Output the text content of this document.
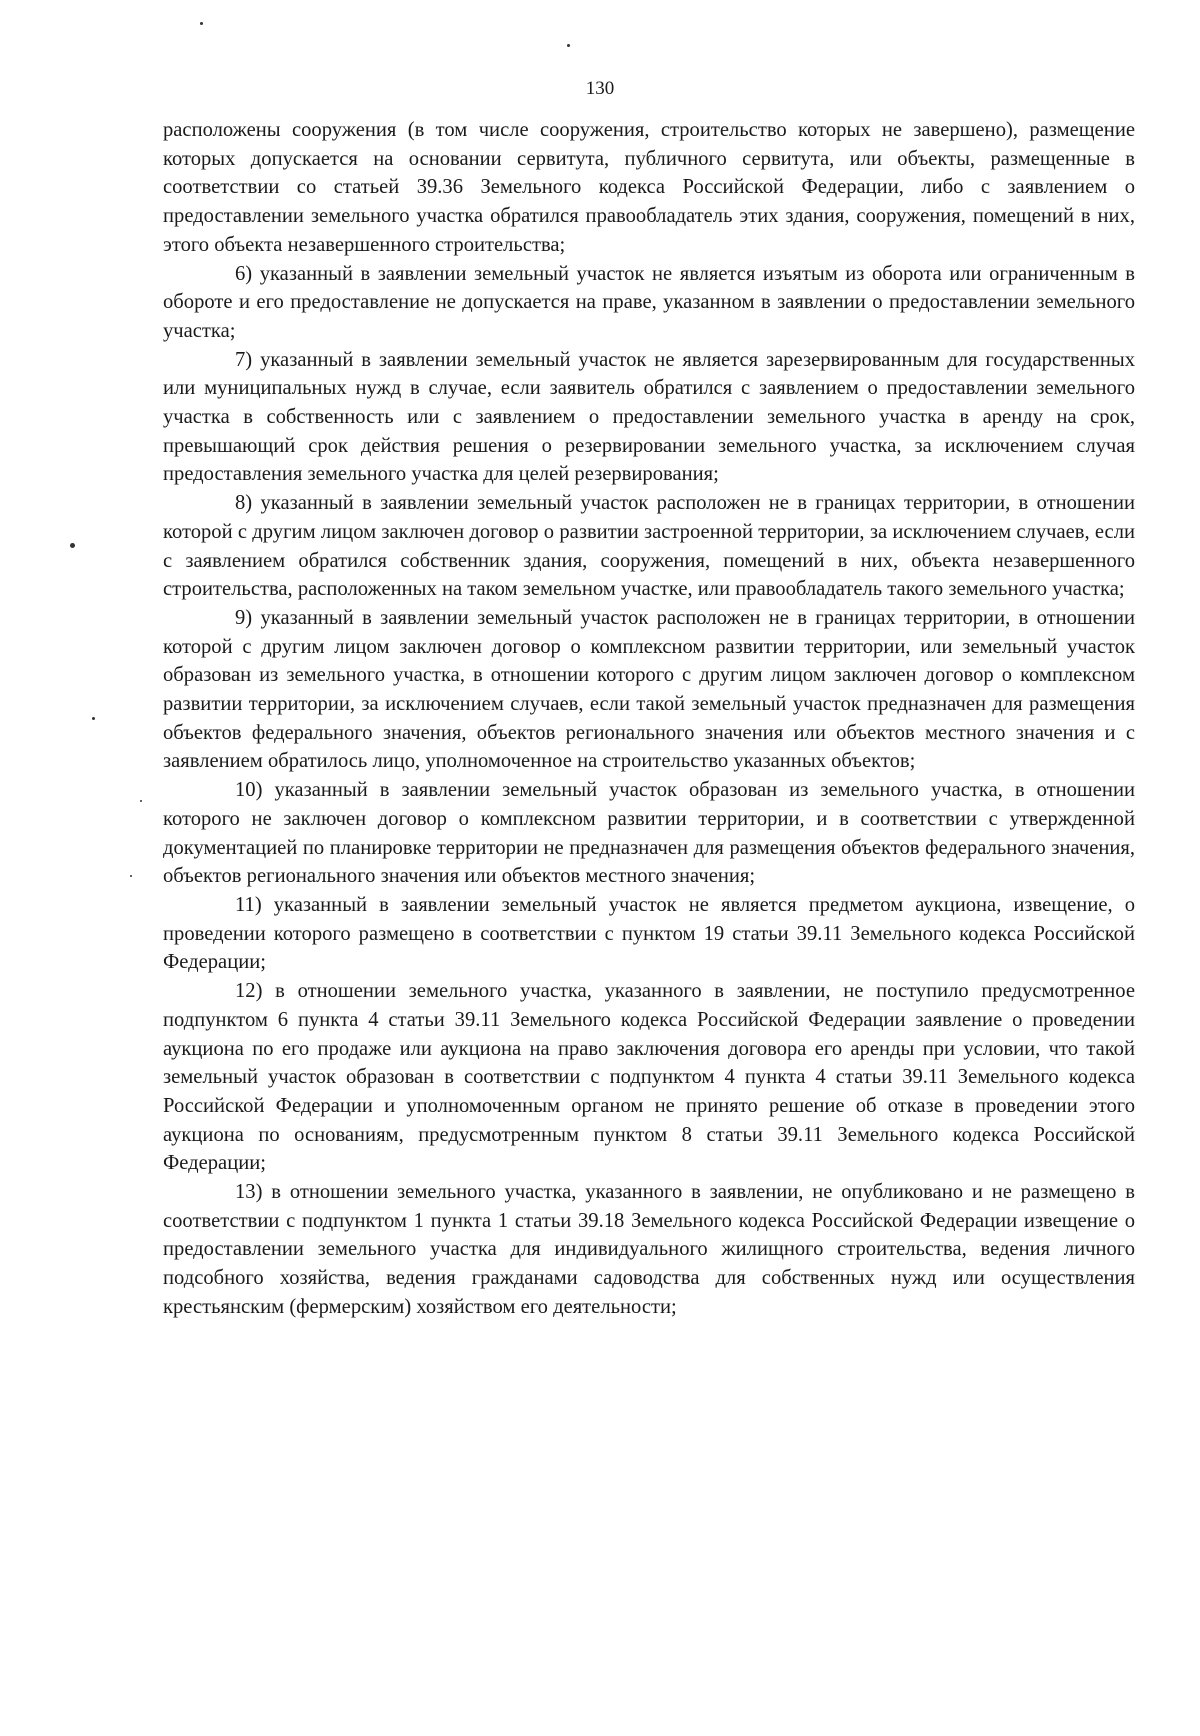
130

расположены сооружения (в том числе сооружения, строительство которых не завершено), размещение которых допускается на основании сервитута, публичного сервитута, или объекты, размещенные в соответствии со статьей 39.36 Земельного кодекса Российской Федерации, либо с заявлением о предоставлении земельного участка обратился правообладатель этих здания, сооружения, помещений в них, этого объекта незавершенного строительства;

6) указанный в заявлении земельный участок не является изъятым из оборота или ограниченным в обороте и его предоставление не допускается на праве, указанном в заявлении о предоставлении земельного участка;

7) указанный в заявлении земельный участок не является зарезервированным для государственных или муниципальных нужд в случае, если заявитель обратился с заявлением о предоставлении земельного участка в собственность или с заявлением о предоставлении земельного участка в аренду на срок, превышающий срок действия решения о резервировании земельного участка, за исключением случая предоставления земельного участка для целей резервирования;

8) указанный в заявлении земельный участок расположен не в границах территории, в отношении которой с другим лицом заключен договор о развитии застроенной территории, за исключением случаев, если с заявлением обратился собственник здания, сооружения, помещений в них, объекта незавершенного строительства, расположенных на таком земельном участке, или правообладатель такого земельного участка;

9) указанный в заявлении земельный участок расположен не в границах территории, в отношении которой с другим лицом заключен договор о комплексном развитии территории, или земельный участок образован из земельного участка, в отношении которого с другим лицом заключен договор о комплексном развитии территории, за исключением случаев, если такой земельный участок предназначен для размещения объектов федерального значения, объектов регионального значения или объектов местного значения и с заявлением обратилось лицо, уполномоченное на строительство указанных объектов;

10) указанный в заявлении земельный участок образован из земельного участка, в отношении которого не заключен договор о комплексном развитии территории, и в соответствии с утвержденной документацией по планировке территории не предназначен для размещения объектов федерального значения, объектов регионального значения или объектов местного значения;

11) указанный в заявлении земельный участок не является предметом аукциона, извещение, о проведении которого размещено в соответствии с пунктом 19 статьи 39.11 Земельного кодекса Российской Федерации;

12) в отношении земельного участка, указанного в заявлении, не поступило предусмотренное подпунктом 6 пункта 4 статьи 39.11 Земельного кодекса Российской Федерации заявление о проведении аукциона по его продаже или аукциона на право заключения договора его аренды при условии, что такой земельный участок образован в соответствии с подпунктом 4 пункта 4 статьи 39.11 Земельного кодекса Российской Федерации и уполномоченным органом не принято решение об отказе в проведении этого аукциона по основаниям, предусмотренным пунктом 8 статьи 39.11 Земельного кодекса Российской Федерации;

13) в отношении земельного участка, указанного в заявлении, не опубликовано и не размещено в соответствии с подпунктом 1 пункта 1 статьи 39.18 Земельного кодекса Российской Федерации извещение о предоставлении земельного участка для индивидуального жилищного строительства, ведения личного подсобного хозяйства, ведения гражданами садоводства для собственных нужд или осуществления крестьянским (фермерским) хозяйством его деятельности;
